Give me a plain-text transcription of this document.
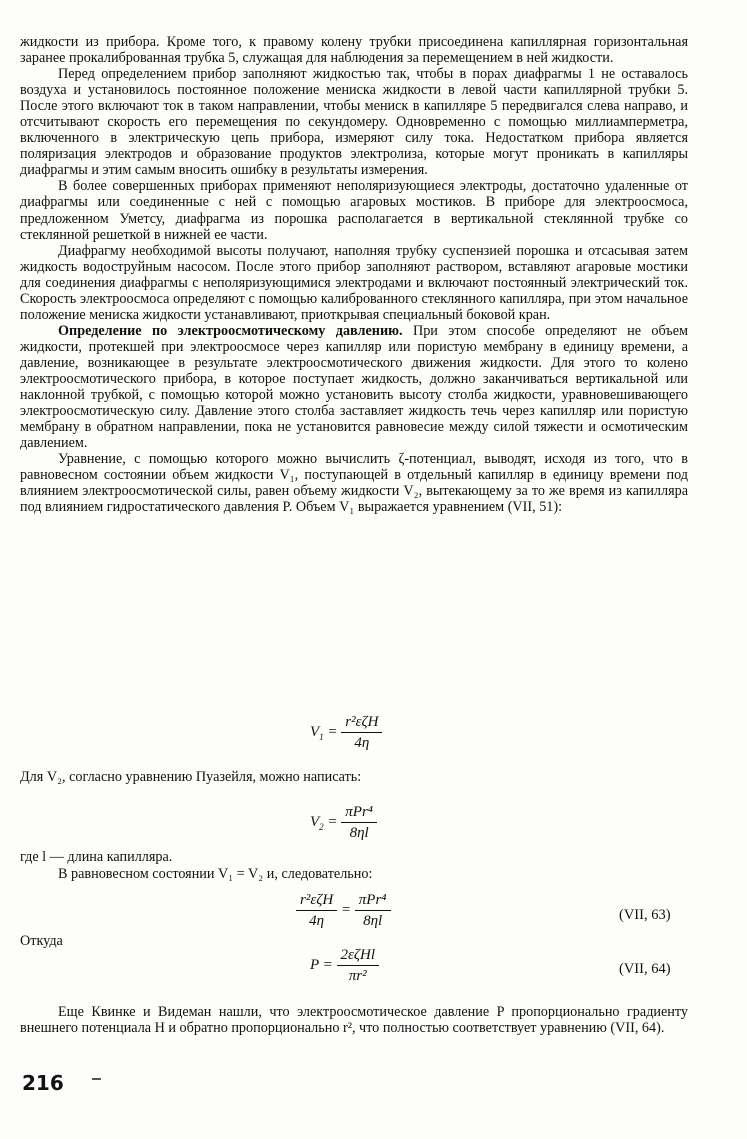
жидкости из прибора. Кроме того, к правому колену трубки присоединена капиллярная горизонтальная заранее прокалиброванная трубка 5, служащая для наблюдения за перемещением в ней жидкости.

Перед определением прибор заполняют жидкостью так, чтобы в порах диафрагмы 1 не оставалось воздуха и установилось постоянное положение мениска жидкости в левой части капиллярной трубки 5. После этого включают ток в таком направлении, чтобы мениск в капилляре 5 передвигался слева направо, и отсчитывают скорость его перемещения по секундомеру. Одновременно с помощью миллиамперметра, включенного в электрическую цепь прибора, измеряют силу тока. Недостатком прибора является поляризация электродов и образование продуктов электролиза, которые могут проникать в капилляры диафрагмы и этим самым вносить ошибку в результаты измерения.

В более совершенных приборах применяют неполяризующиеся электроды, достаточно удаленные от диафрагмы или соединенные с ней с помощью агаровых мостиков. В приборе для электроосмоса, предложенном Уметсу, диафрагма из порошка располагается в вертикальной стеклянной трубке со стеклянной решеткой в нижней ее части.

Диафрагму необходимой высоты получают, наполняя трубку суспензией порошка и отсасывая затем жидкость водоструйным насосом. После этого прибор заполняют раствором, вставляют агаровые мостики для соединения диафрагмы с неполяризующимися электродами и включают постоянный электрический ток. Скорость электроосмоса определяют с помощью калиброванного стеклянного капилляра, при этом начальное положение мениска жидкости устанавливают, приоткрывая специальный боковой кран.

Определение по электроосмотическому давлению. При этом способе определяют не объем жидкости, протекшей при электроосмосе через капилляр или пористую мембрану в единицу времени, а давление, возникающее в результате электроосмотического движения жидкости. Для этого то колено электроосмотического прибора, в которое поступает жидкость, должно заканчиваться вертикальной или наклонной трубкой, с помощью которой можно установить высоту столба жидкости, уравновешивающего электроосмотическую силу. Давление этого столба заставляет жидкость течь через капилляр или пористую мембрану в обратном направлении, пока не установится равновесие между силой тяжести и осмотическим давлением.

Уравнение, с помощью которого можно вычислить ζ-потенциал, выводят, исходя из того, что в равновесном состоянии объем жидкости V₁, поступающей в отдельный капилляр в единицу времени под влиянием электроосмотической силы, равен объему жидкости V₂, вытекающему за то же время из капилляра под влиянием гидростатического давления P. Объем V₁ выражается уравнением (VII, 51):

$V_1 = \frac{\text{r²εζH}}{4\eta}$
Для V₂, согласно уравнению Пуазейля, можно написать:
$V_2 = \frac{\text{πPr⁴}}{8\eta l}$
где l — длина капилляра.
В равновесном состоянии V₁ = V₂ и, следовательно:
$\frac{\text{r²εζH}}{4\eta} = \frac{\text{πPr⁴}}{8\eta l}$	(VII, 63)
Откуда
$P = \frac{\text{2εζHl}}{\text{πr²}}$	(VII, 64)

Еще Квинке и Видеман нашли, что электроосмотическое давление P пропорционально градиенту внешнего потенциала H и обратно пропорционально r², что полностью соответствует уравнению (VII, 64).

216
